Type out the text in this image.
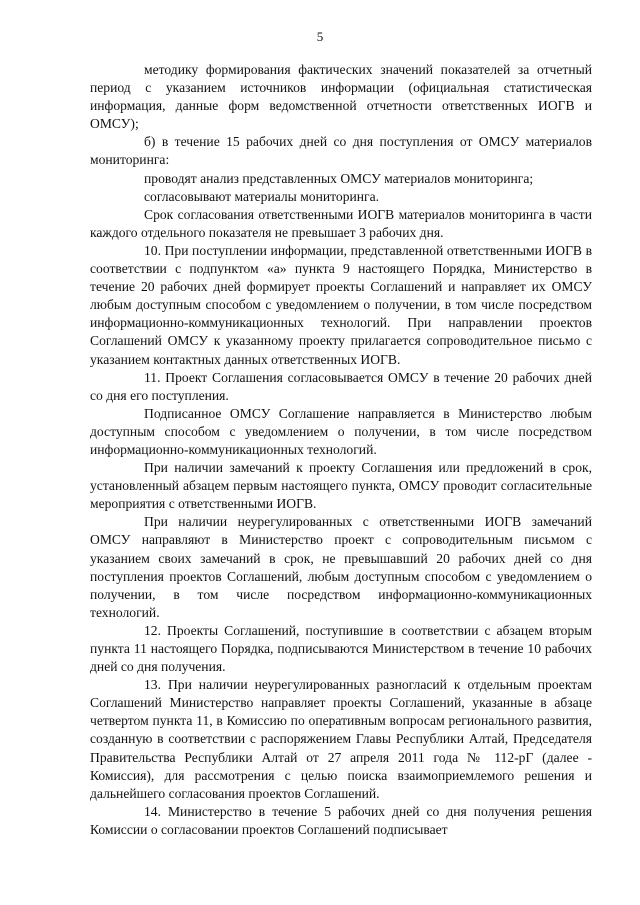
5

методику формирования фактических значений показателей за отчетный период с указанием источников информации (официальная статистическая информация, данные форм ведомственной отчетности ответственных ИОГВ и ОМСУ);

б) в течение 15 рабочих дней со дня поступления от ОМСУ материалов мониторинга:

проводят анализ представленных ОМСУ материалов мониторинга;

согласовывают материалы мониторинга.

Срок согласования ответственными ИОГВ материалов мониторинга в части каждого отдельного показателя не превышает 3 рабочих дня.

10. При поступлении информации, представленной ответственными ИОГВ в соответствии с подпунктом «а» пункта 9 настоящего Порядка, Министерство в течение 20 рабочих дней формирует проекты Соглашений и направляет их ОМСУ любым доступным способом с уведомлением о получении, в том числе посредством информационно-коммуникационных технологий. При направлении проектов Соглашений ОМСУ к указанному проекту прилагается сопроводительное письмо с указанием контактных данных ответственных ИОГВ.

11. Проект Соглашения согласовывается ОМСУ в течение 20 рабочих дней со дня его поступления.

Подписанное ОМСУ Соглашение направляется в Министерство любым доступным способом с уведомлением о получении, в том числе посредством информационно-коммуникационных технологий.

При наличии замечаний к проекту Соглашения или предложений в срок, установленный абзацем первым настоящего пункта, ОМСУ проводит согласительные мероприятия с ответственными ИОГВ.

При наличии неурегулированных с ответственными ИОГВ замечаний ОМСУ направляют в Министерство проект с сопроводительным письмом с указанием своих замечаний в срок, не превышавший 20 рабочих дней со дня поступления проектов Соглашений, любым доступным способом с уведомлением о получении, в том числе посредством информационно-коммуникационных технологий.

12. Проекты Соглашений, поступившие в соответствии с абзацем вторым пункта 11 настоящего Порядка, подписываются Министерством в течение 10 рабочих дней со дня получения.

13. При наличии неурегулированных разногласий к отдельным проектам Соглашений Министерство направляет проекты Соглашений, указанные в абзаце четвертом пункта 11, в Комиссию по оперативным вопросам регионального развития, созданную в соответствии с распоряжением Главы Республики Алтай, Председателя Правительства Республики Алтай от 27 апреля 2011 года № 112-рГ (далее - Комиссия), для рассмотрения с целью поиска взаимоприемлемого решения и дальнейшего согласования проектов Соглашений.

14. Министерство в течение 5 рабочих дней со дня получения решения Комиссии о согласовании проектов Соглашений подписывает
